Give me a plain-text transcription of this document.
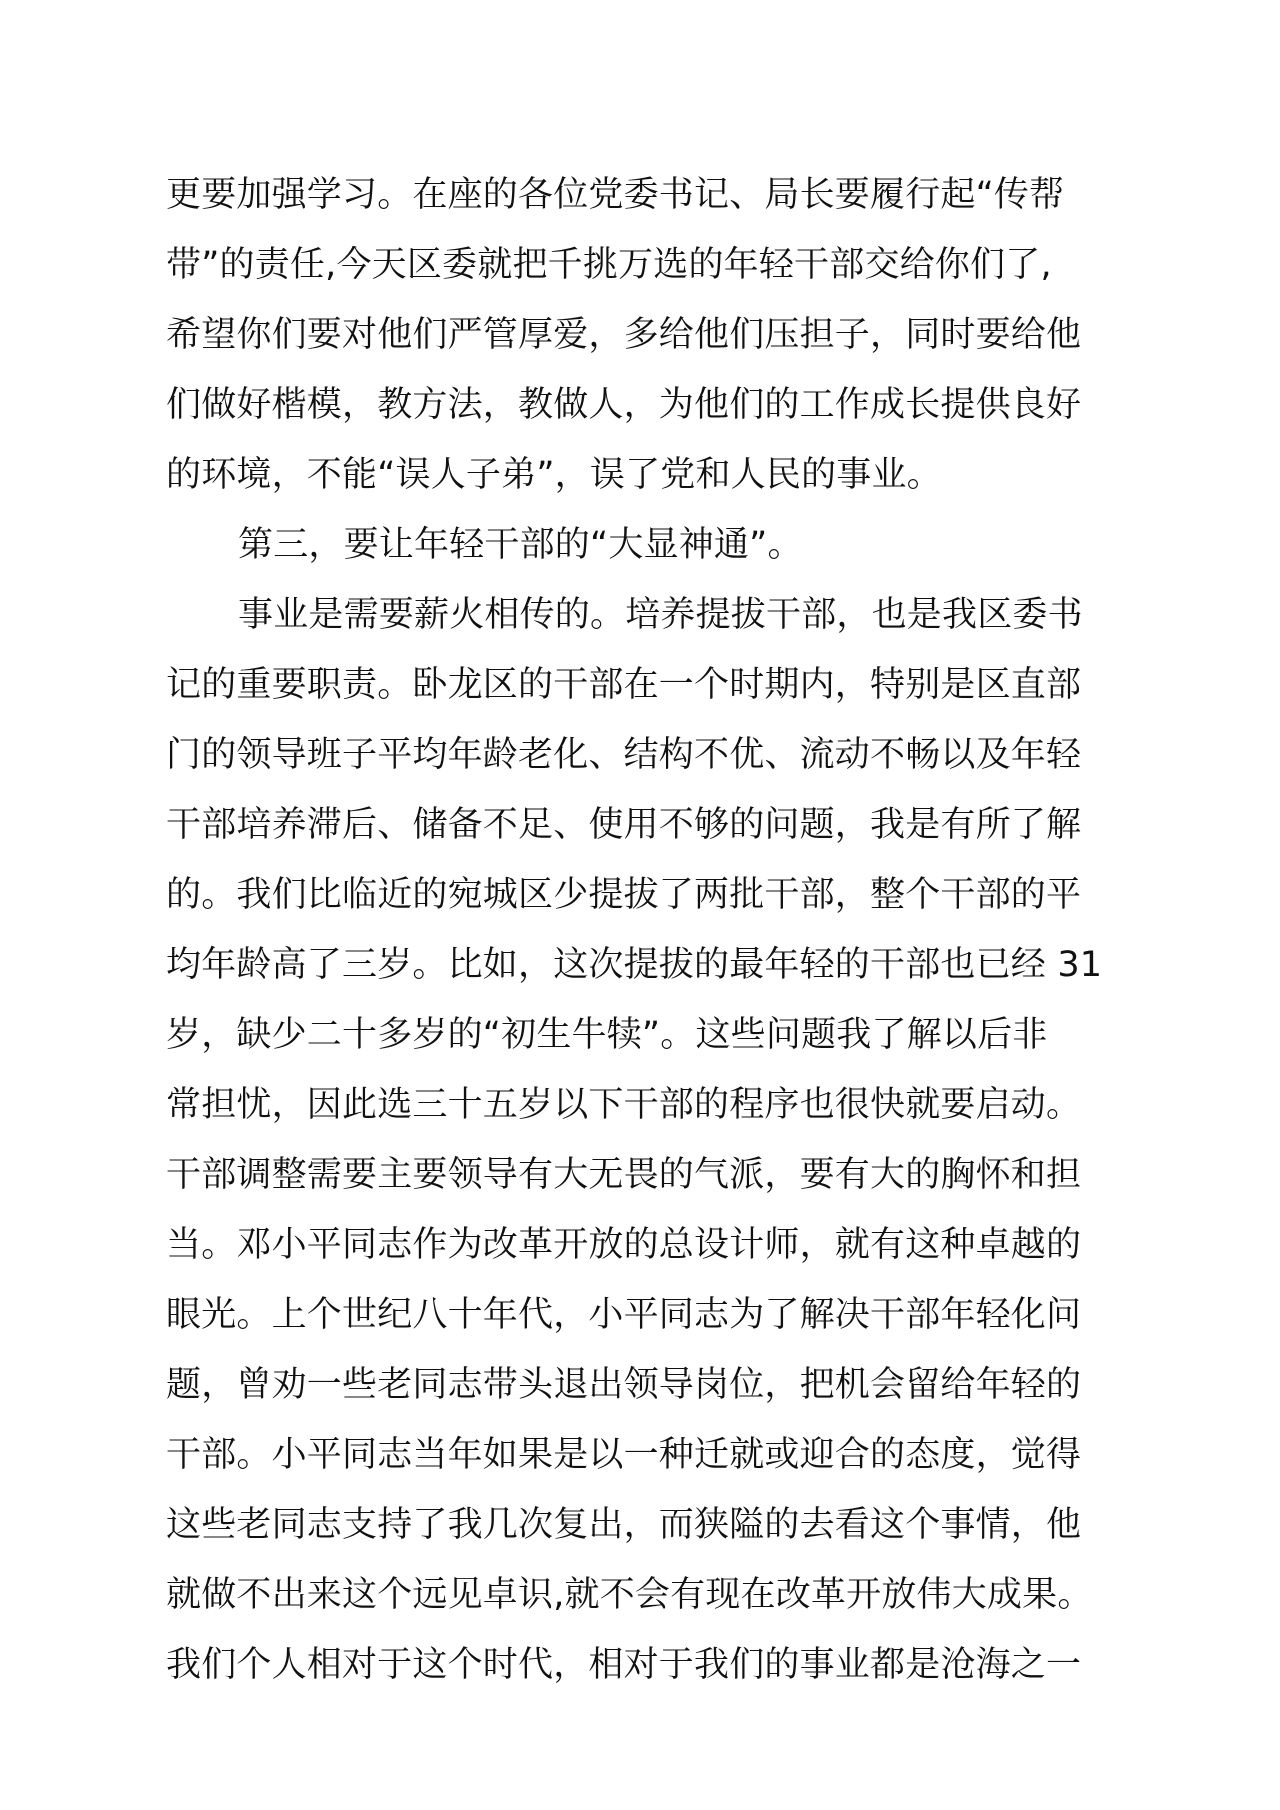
更要加强学习。在座的各位党委书记、局长要履行起“传帮
带”的责任,今天区委就把千挑万选的年轻干部交给你们了,
希望你们要对他们严管厚爱，多给他们压担子，同时要给他
们做好楷模，教方法，教做人，为他们的工作成长提供良好
的环境，不能“误人子弟”，误了党和人民的事业。
第三，要让年轻干部的“大显神通”。
事业是需要薪火相传的。培养提拔干部，也是我区委书
记的重要职责。卧龙区的干部在一个时期内，特别是区直部
门的领导班子平均年龄老化、结构不优、流动不畅以及年轻
干部培养滞后、储备不足、使用不够的问题，我是有所了解
的。我们比临近的宛城区少提拔了两批干部，整个干部的平
均年龄高了三岁。比如，这次提拔的最年轻的干部也已经 31
岁，缺少二十多岁的“初生牛犊”。这些问题我了解以后非
常担忧，因此选三十五岁以下干部的程序也很快就要启动。
干部调整需要主要领导有大无畏的气派，要有大的胸怀和担
当。邓小平同志作为改革开放的总设计师，就有这种卓越的
眼光。上个世纪八十年代，小平同志为了解决干部年轻化问
题，曾劝一些老同志带头退出领导岗位，把机会留给年轻的
干部。小平同志当年如果是以一种迁就或迎合的态度，觉得
这些老同志支持了我几次复出，而狭隘的去看这个事情，他
就做不出来这个远见卓识,就不会有现在改革开放伟大成果。
我们个人相对于这个时代，相对于我们的事业都是沧海之一
